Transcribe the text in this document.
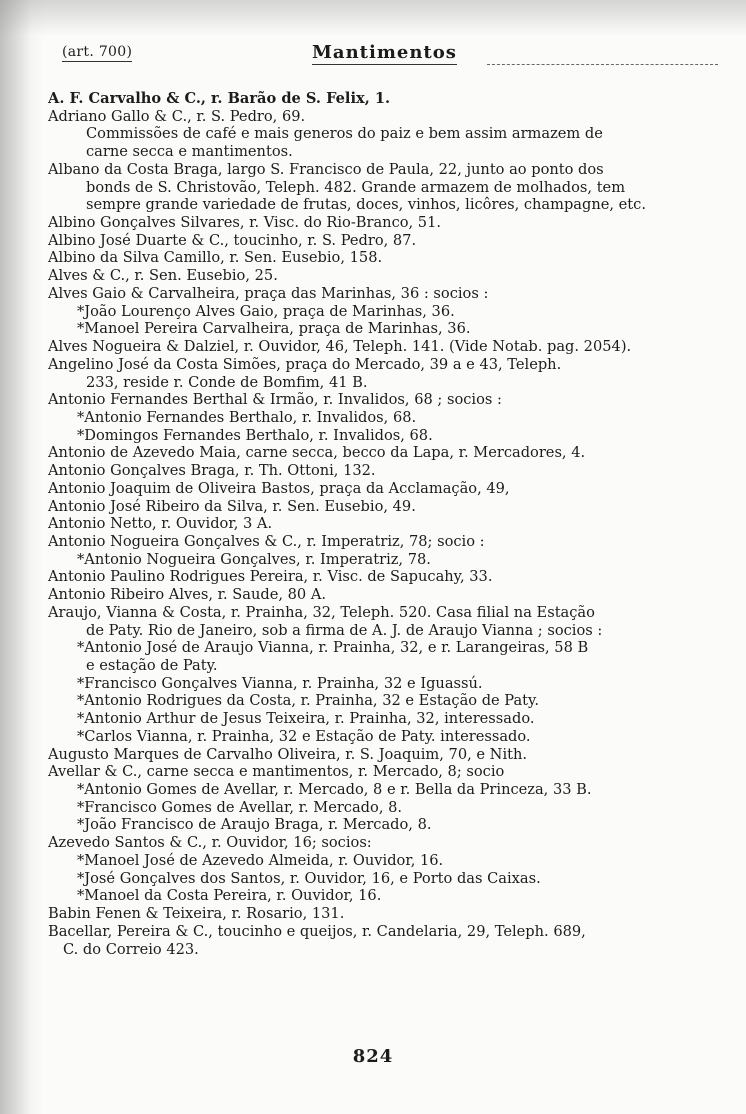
(art. 700)	Mantimentos
A. F. Carvalho & C., r. Barão de S. Felix, 1.
Adriano Gallo & C., r. S. Pedro, 69.
Commissões de café e mais generos do paiz e bem assim armazem de
carne secca e mantimentos.
Albano da Costa Braga, largo S. Francisco de Paula, 22, junto ao ponto dos
bonds de S. Christovão, Teleph. 482. Grande armazem de molhados, tem
sempre grande variedade de frutas, doces, vinhos, licôres, champagne, etc.
Albino Gonçalves Silvares, r. Visc. do Rio-Branco, 51.
Albino José Duarte & C., toucinho, r. S. Pedro, 87.
Albino da Silva Camillo, r. Sen. Eusebio, 158.
Alves & C., r. Sen. Eusebio, 25.
Alves Gaio & Carvalheira, praça das Marinhas, 36 : socios :
*João Lourenço Alves Gaio, praça de Marinhas, 36.
*Manoel Pereira Carvalheira, praça de Marinhas, 36.
Alves Nogueira & Dalziel, r. Ouvidor, 46, Teleph. 141. (Vide Notab. pag. 2054).
Angelino José da Costa Simões, praça do Mercado, 39 a e 43, Teleph.
233, reside r. Conde de Bomfim, 41 B.
Antonio Fernandes Berthal & Irmão, r. Invalidos, 68 ; socios :
*Antonio Fernandes Berthalo, r. Invalidos, 68.
*Domingos Fernandes Berthalo, r. Invalidos, 68.
Antonio de Azevedo Maia, carne secca, becco da Lapa, r. Mercadores, 4.
Antonio Gonçalves Braga, r. Th. Ottoni, 132.
Antonio Joaquim de Oliveira Bastos, praça da Acclamação, 49,
Antonio José Ribeiro da Silva, r. Sen. Eusebio, 49.
Antonio Netto, r. Ouvidor, 3 A.
Antonio Nogueira Gonçalves & C., r. Imperatriz, 78; socio :
*Antonio Nogueira Gonçalves, r. Imperatriz, 78.
Antonio Paulino Rodrigues Pereira, r. Visc. de Sapucahy, 33.
Antonio Ribeiro Alves, r. Saude, 80 A.
Araujo, Vianna & Costa, r. Prainha, 32, Teleph. 520. Casa filial na Estação
de Paty. Rio de Janeiro, sob a firma de A. J. de Araujo Vianna ; socios :
*Antonio José de Araujo Vianna, r. Prainha, 32, e r. Larangeiras, 58 B
e estação de Paty.
*Francisco Gonçalves Vianna, r. Prainha, 32 e Iguassú.
*Antonio Rodrigues da Costa, r. Prainha, 32 e Estação de Paty.
*Antonio Arthur de Jesus Teixeira, r. Prainha, 32, interessado.
*Carlos Vianna, r. Prainha, 32 e Estação de Paty. interessado.
Augusto Marques de Carvalho Oliveira, r. S. Joaquim, 70, e Nith.
Avellar & C., carne secca e mantimentos, r. Mercado, 8; socio
*Antonio Gomes de Avellar, r. Mercado, 8 e r. Bella da Princeza, 33 B.
*Francisco Gomes de Avellar, r. Mercado, 8.
*João Francisco de Araujo Braga, r. Mercado, 8.
Azevedo Santos & C., r. Ouvidor, 16; socios:
*Manoel José de Azevedo Almeida, r. Ouvidor, 16.
*José Gonçalves dos Santos, r. Ouvidor, 16, e Porto das Caixas.
*Manoel da Costa Pereira, r. Ouvidor, 16.
Babin Fenen & Teixeira, r. Rosario, 131.
Bacellar, Pereira & C., toucinho e queijos, r. Candelaria, 29, Teleph. 689,
C. do Correio 423.
824
